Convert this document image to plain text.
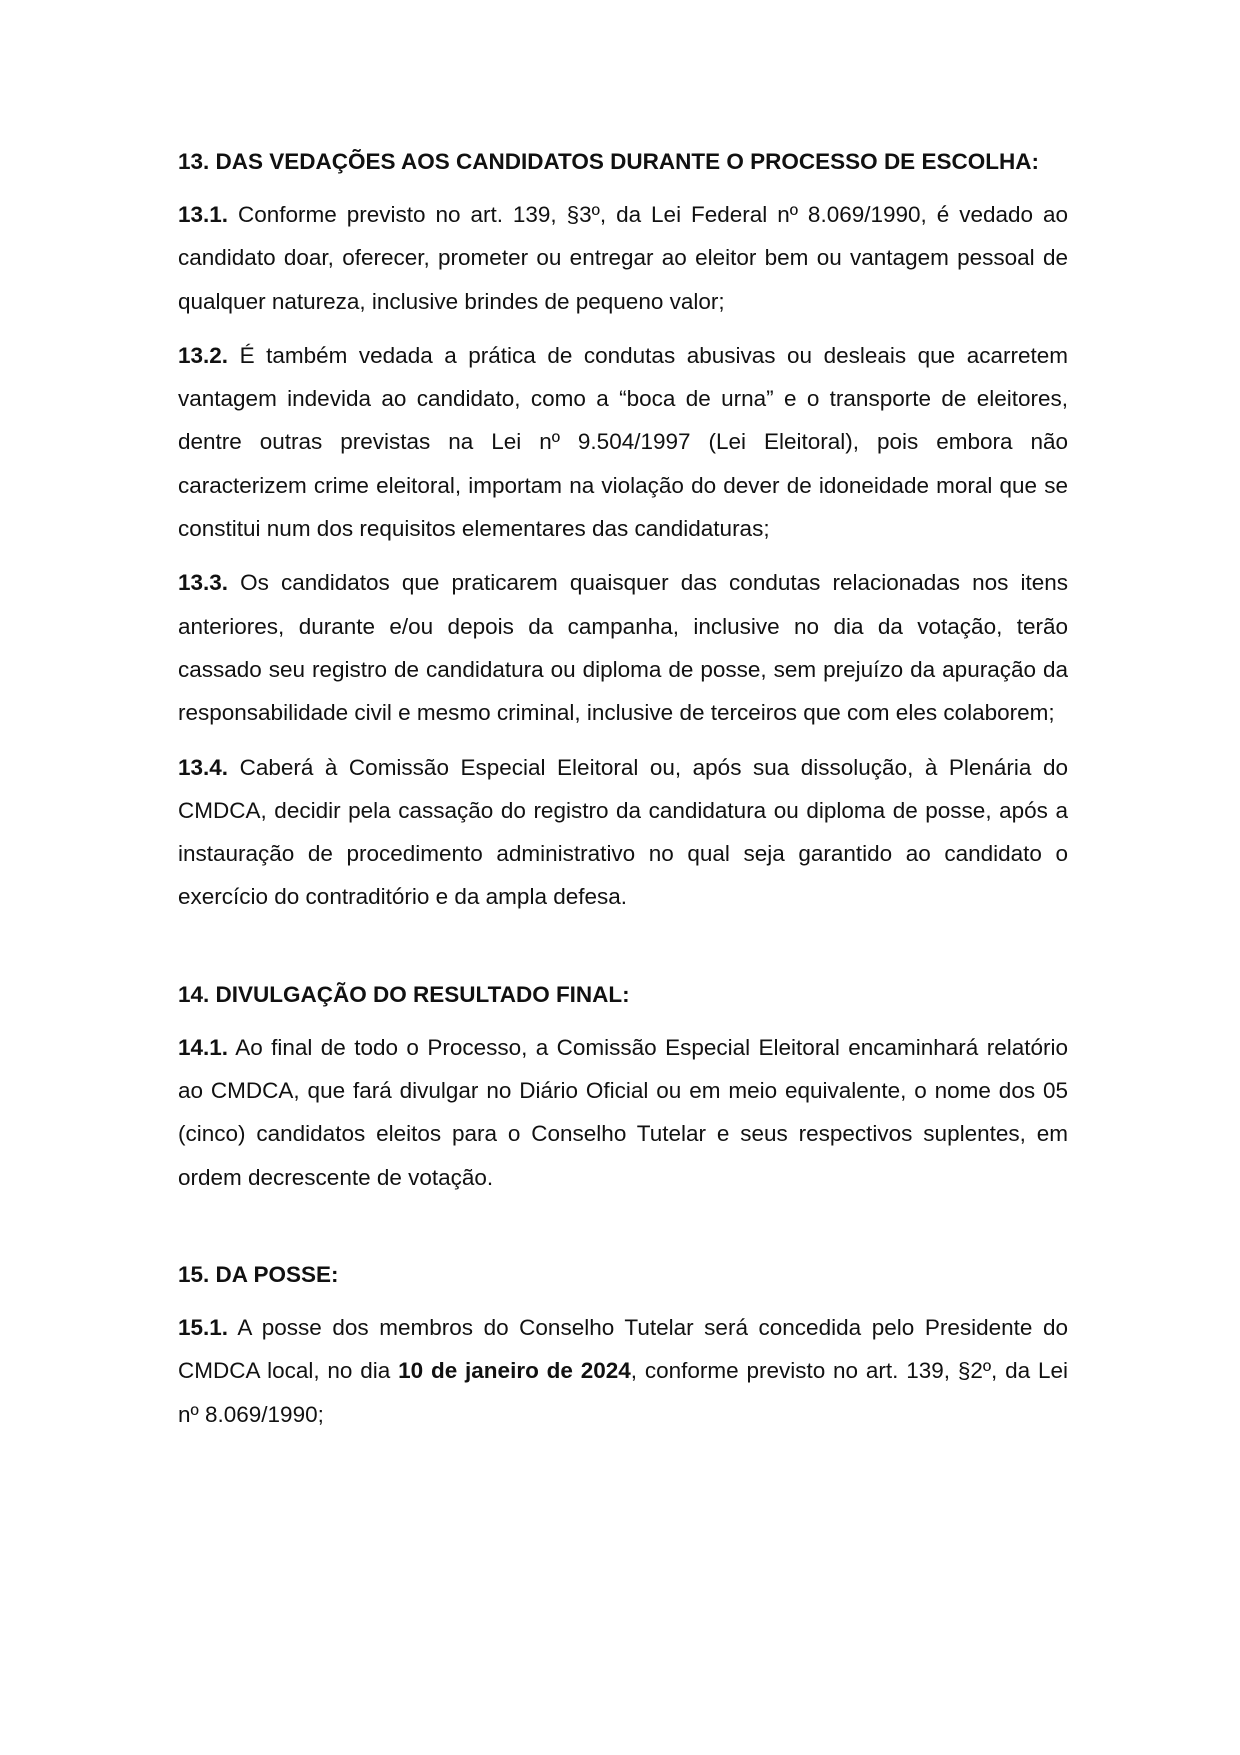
13. DAS VEDAÇÕES AOS CANDIDATOS DURANTE O PROCESSO DE ESCOLHA:

13.1. Conforme previsto no art. 139, §3º, da Lei Federal nº 8.069/1990, é vedado ao candidato doar, oferecer, prometer ou entregar ao eleitor bem ou vantagem pessoal de qualquer natureza, inclusive brindes de pequeno valor;

13.2. É também vedada a prática de condutas abusivas ou desleais que acarretem vantagem indevida ao candidato, como a “boca de urna” e o transporte de eleitores, dentre outras previstas na Lei nº 9.504/1997 (Lei Eleitoral), pois embora não caracterizem crime eleitoral, importam na violação do dever de idoneidade moral que se constitui num dos requisitos elementares das candidaturas;

13.3. Os candidatos que praticarem quaisquer das condutas relacionadas nos itens anteriores, durante e/ou depois da campanha, inclusive no dia da votação, terão cassado seu registro de candidatura ou diploma de posse, sem prejuízo da apuração da responsabilidade civil e mesmo criminal, inclusive de terceiros que com eles colaborem;

13.4. Caberá à Comissão Especial Eleitoral ou, após sua dissolução, à Plenária do CMDCA, decidir pela cassação do registro da candidatura ou diploma de posse, após a instauração de procedimento administrativo no qual seja garantido ao candidato o exercício do contraditório e da ampla defesa.

14. DIVULGAÇÃO DO RESULTADO FINAL:

14.1. Ao final de todo o Processo, a Comissão Especial Eleitoral encaminhará relatório ao CMDCA, que fará divulgar no Diário Oficial ou em meio equivalente, o nome dos 05 (cinco) candidatos eleitos para o Conselho Tutelar e seus respectivos suplentes, em ordem decrescente de votação.

15. DA POSSE:

15.1. A posse dos membros do Conselho Tutelar será concedida pelo Presidente do CMDCA local, no dia 10 de janeiro de 2024, conforme previsto no art. 139, §2º, da Lei nº 8.069/1990;
